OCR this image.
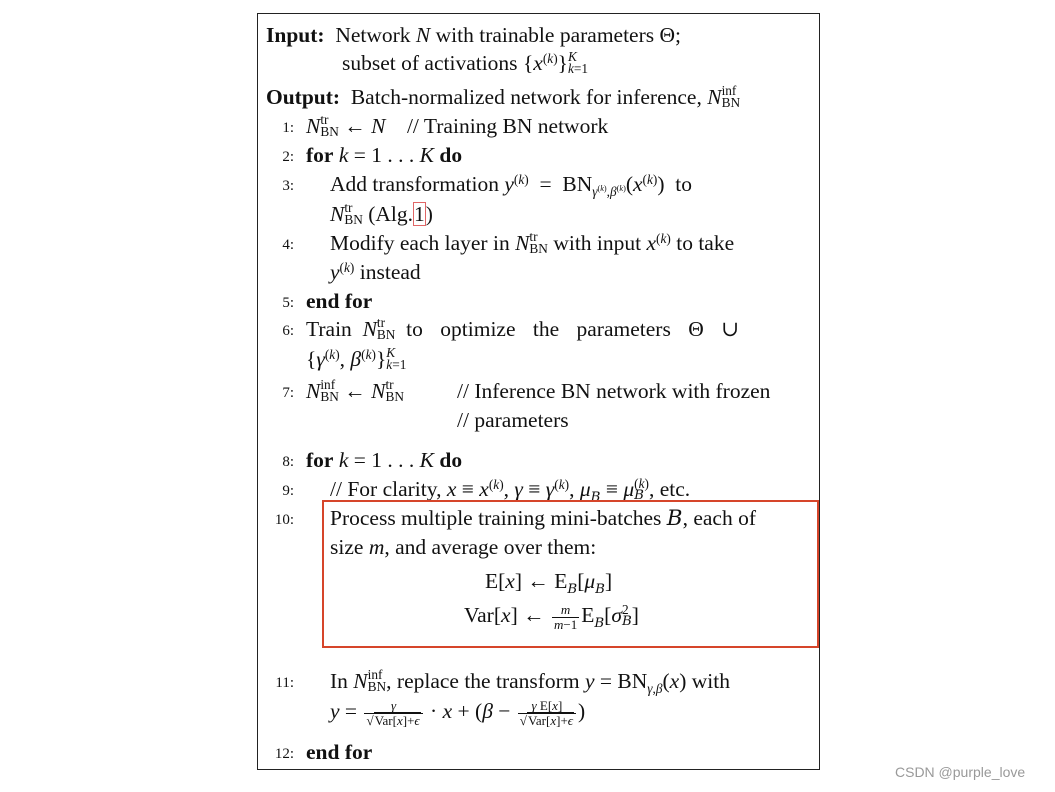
Input: Network N with trainable parameters Θ;
subset of activations $\{x^{(k)}\}$ K
k=1
Output: Batch-normalized network for inference, N inf
BN
1: N tr
BN ← N // Training BN network
2: for k = 1 . . . K do
3: Add transformation $y^{(k)} = BN_{\gamma^{(k)},\beta^{(k)}}(x^{(k)})$  to
N tr
BN (Alg.1)
4: Modify each layer in N tr
BN with input $x^{(k)}$ to take
$y^{(k)}$ instead
5: end for
6: Train N tr
BN to optimize the parameters Θ ∪
{$\gamma^{(k)}$, $\beta^{(k)}$} K
k=1
7: N inf
BN ← N tr
BN // Inference BN network with frozen
// parameters
8: for k = 1 . . . K do
9: // For clarity, $x \equiv x^{(k)}$, $\gamma \equiv \gamma^{(k)}$, $\mu_B \equiv \mu$ (k)
B , etc.
10: Process multiple training mini-batches B, each of
size m, and average over them:
E[x] ← $E_B[\mu_B]$
Var[x] ← $\frac{m}{m-1} E_B[\sigma$ 2
B ]
11: In N inf
BN , replace the transform $y = BN_{\gamma,\beta}(x)$ with
$y = \frac{\gamma}{\text{√Var[x]+ϵ}} \cdot x + (\beta - \frac{\text{γ E[x]}}{\text{√Var[x]+ϵ}}$ )
12: end for
CSDN @purple_love
